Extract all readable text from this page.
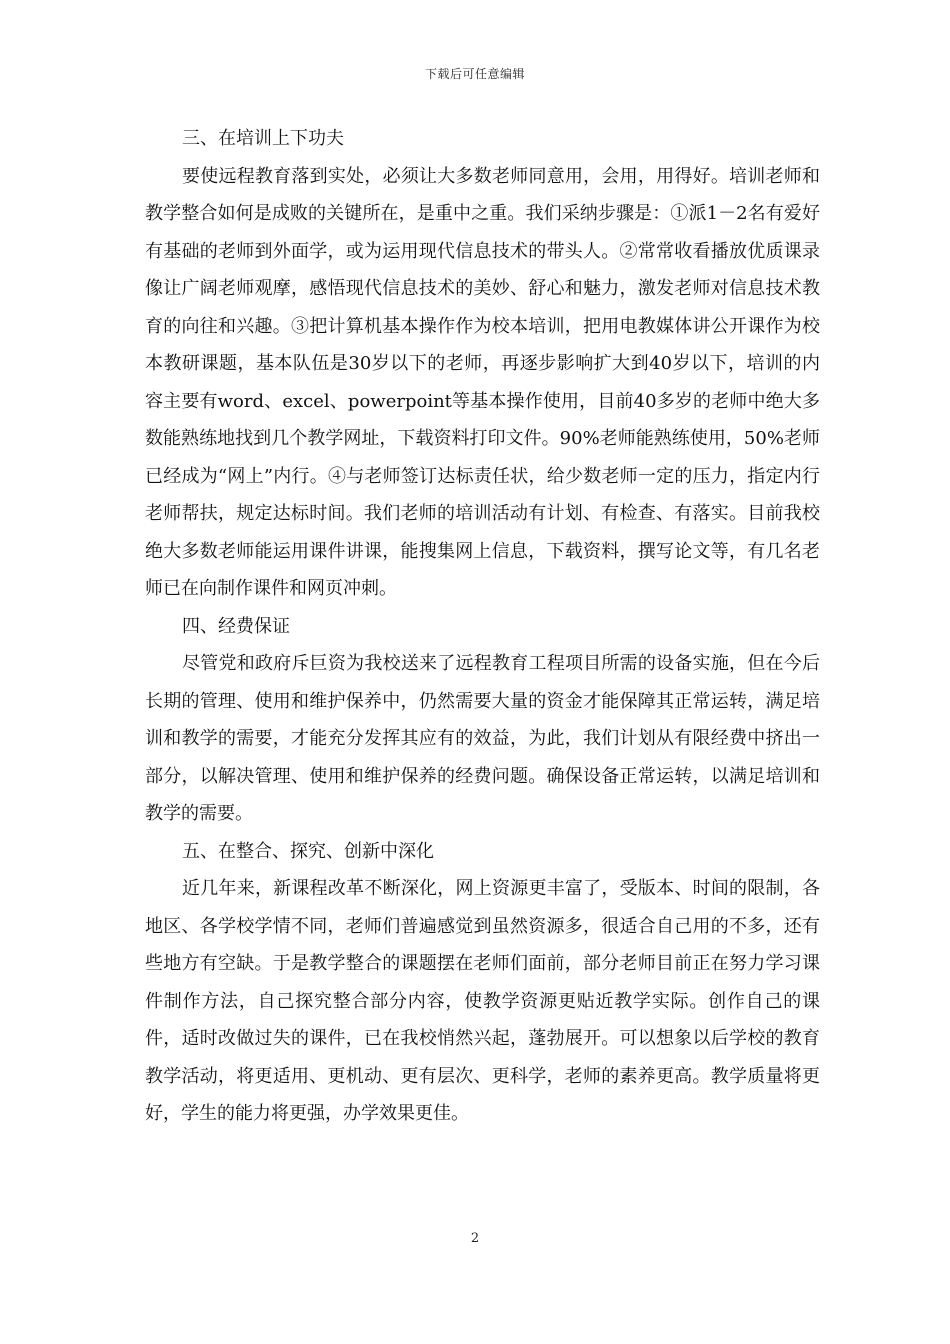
下载后可任意编辑

三、在培训上下功夫

要使远程教育落到实处，必须让大多数老师同意用，会用，用得好。培训老师和教学整合如何是成败的关键所在，是重中之重。我们采纳步骤是：①派1－2名有爱好有基础的老师到外面学，或为运用现代信息技术的带头人。②常常收看播放优质课录像让广阔老师观摩，感悟现代信息技术的美妙、舒心和魅力，激发老师对信息技术教育的向往和兴趣。③把计算机基本操作作为校本培训，把用电教媒体讲公开课作为校本教研课题，基本队伍是30岁以下的老师，再逐步影响扩大到40岁以下，培训的内容主要有word、excel、powerpoint等基本操作使用，目前40多岁的老师中绝大多数能熟练地找到几个教学网址，下载资料打印文件。90%老师能熟练使用，50%老师已经成为“网上”内行。④与老师签订达标责任状，给少数老师一定的压力，指定内行老师帮扶，规定达标时间。我们老师的培训活动有计划、有检查、有落实。目前我校绝大多数老师能运用课件讲课，能搜集网上信息，下载资料，撰写论文等，有几名老师已在向制作课件和网页冲刺。

四、经费保证

尽管党和政府斥巨资为我校送来了远程教育工程项目所需的设备实施，但在今后长期的管理、使用和维护保养中，仍然需要大量的资金才能保障其正常运转，满足培训和教学的需要，才能充分发挥其应有的效益，为此，我们计划从有限经费中挤出一部分，以解决管理、使用和维护保养的经费问题。确保设备正常运转，以满足培训和教学的需要。

五、在整合、探究、创新中深化

近几年来，新课程改革不断深化，网上资源更丰富了，受版本、时间的限制，各地区、各学校学情不同，老师们普遍感觉到虽然资源多，很适合自己用的不多，还有些地方有空缺。于是教学整合的课题摆在老师们面前，部分老师目前正在努力学习课件制作方法，自己探究整合部分内容，使教学资源更贴近教学实际。创作自己的课件，适时改做过失的课件，已在我校悄然兴起，蓬勃展开。可以想象以后学校的教育教学活动，将更适用、更机动、更有层次、更科学，老师的素养更高。教学质量将更好，学生的能力将更强，办学效果更佳。

2
